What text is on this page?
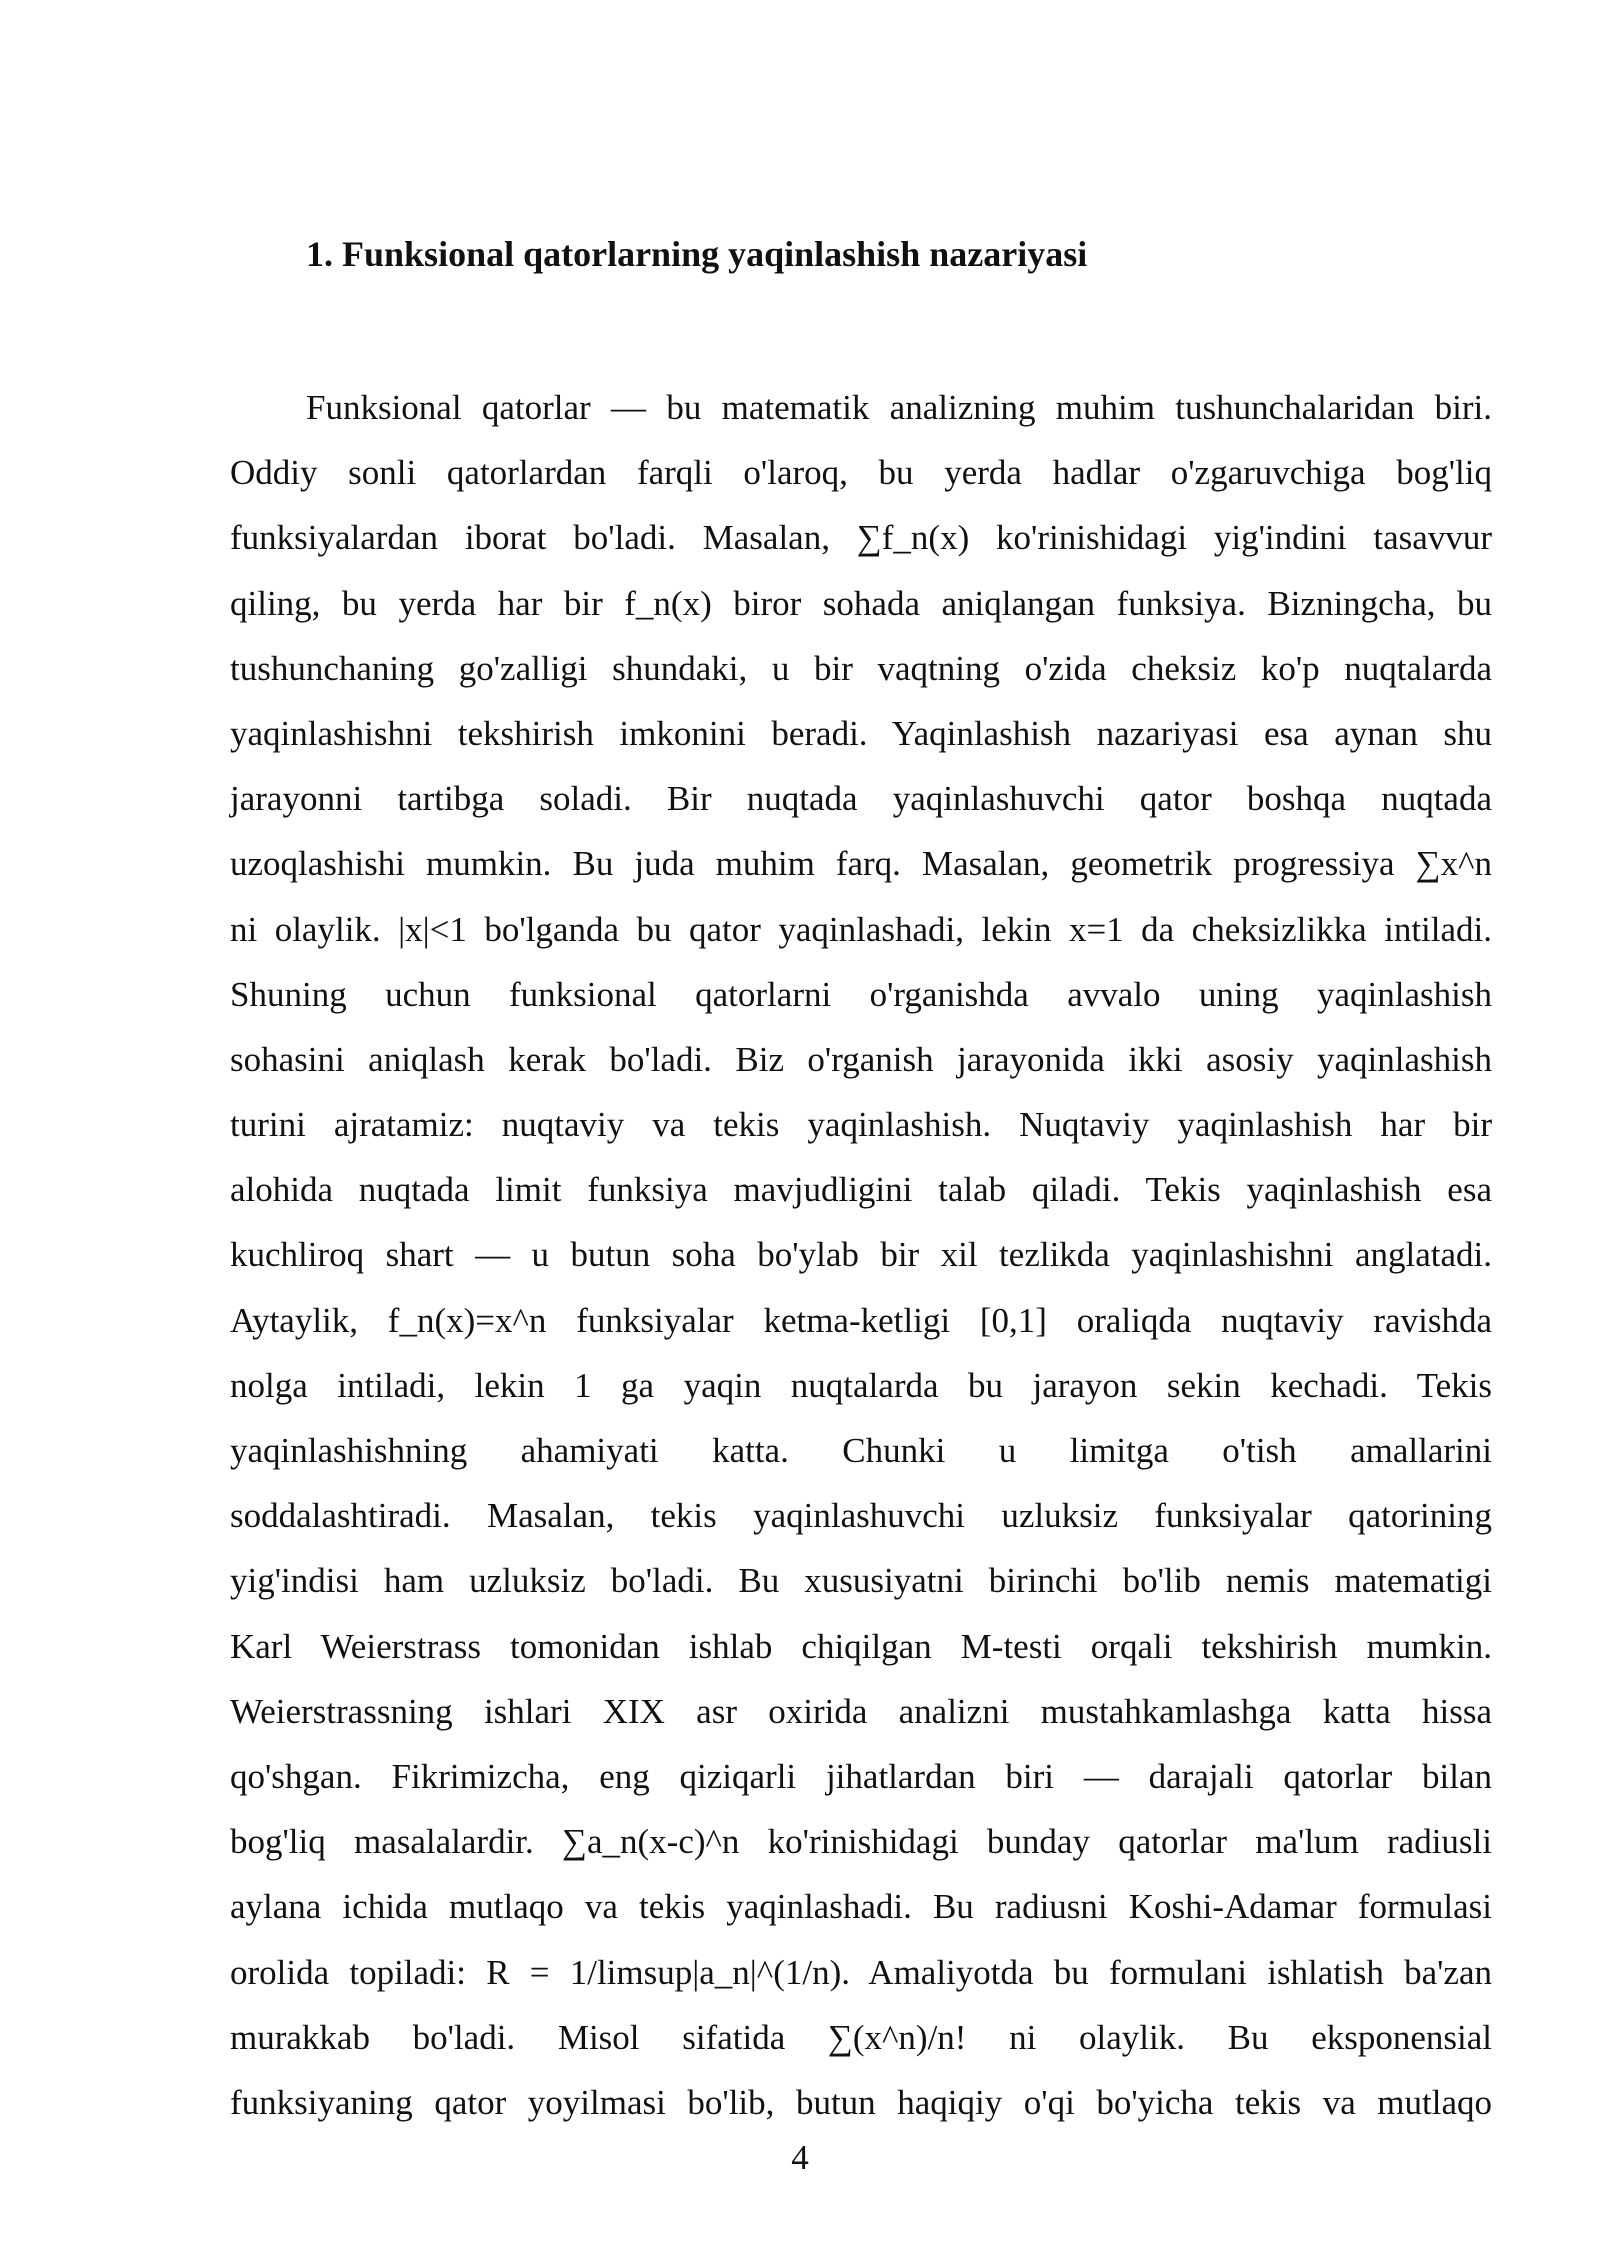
1. Funksional qatorlarning yaqinlashish nazariyasi
Funksional qatorlar — bu matematik analizning muhim tushunchalaridan biri.
Oddiy sonli qatorlardan farqli o'laroq, bu yerda hadlar o'zgaruvchiga bog'liq
funksiyalardan iborat bo'ladi. Masalan, ∑f_n(x) ko'rinishidagi yig'indini tasavvur
qiling, bu yerda har bir f_n(x) biror sohada aniqlangan funksiya. Bizningcha, bu
tushunchaning go'zalligi shundaki, u bir vaqtning o'zida cheksiz ko'p nuqtalarda
yaqinlashishni tekshirish imkonini beradi. Yaqinlashish nazariyasi esa aynan shu
jarayonni tartibga soladi. Bir nuqtada yaqinlashuvchi qator boshqa nuqtada
uzoqlashishi mumkin. Bu juda muhim farq. Masalan, geometrik progressiya ∑x^n
ni olaylik. |x|<1 bo'lganda bu qator yaqinlashadi, lekin x=1 da cheksizlikka intiladi.
Shuning uchun funksional qatorlarni o'rganishda avvalo uning yaqinlashish
sohasini aniqlash kerak bo'ladi. Biz o'rganish jarayonida ikki asosiy yaqinlashish
turini ajratamiz: nuqtaviy va tekis yaqinlashish. Nuqtaviy yaqinlashish har bir
alohida nuqtada limit funksiya mavjudligini talab qiladi. Tekis yaqinlashish esa
kuchliroq shart — u butun soha bo'ylab bir xil tezlikda yaqinlashishni anglatadi.
Aytaylik, f_n(x)=x^n funksiyalar ketma-ketligi [0,1] oraliqda nuqtaviy ravishda
nolga intiladi, lekin 1 ga yaqin nuqtalarda bu jarayon sekin kechadi. Tekis
yaqinlashishning ahamiyati katta. Chunki u limitga o'tish amallarini
soddalashtiradi. Masalan, tekis yaqinlashuvchi uzluksiz funksiyalar qatorining
yig'indisi ham uzluksiz bo'ladi. Bu xususiyatni birinchi bo'lib nemis matematigi
Karl Weierstrass tomonidan ishlab chiqilgan M-testi orqali tekshirish mumkin.
Weierstrassning ishlari XIX asr oxirida analizni mustahkamlashga katta hissa
qo'shgan. Fikrimizcha, eng qiziqarli jihatlardan biri — darajali qatorlar bilan
bog'liq masalalardir. ∑a_n(x-c)^n ko'rinishidagi bunday qatorlar ma'lum radiusli
aylana ichida mutlaqo va tekis yaqinlashadi. Bu radiusni Koshi-Adamar formulasi
orolida topiladi: R = 1/limsup|a_n|^(1/n). Amaliyotda bu formulani ishlatish ba'zan
murakkab bo'ladi. Misol sifatida ∑(x^n)/n! ni olaylik. Bu eksponensial
funksiyaning qator yoyilmasi bo'lib, butun haqiqiy o'qi bo'yicha tekis va mutlaqo
4
